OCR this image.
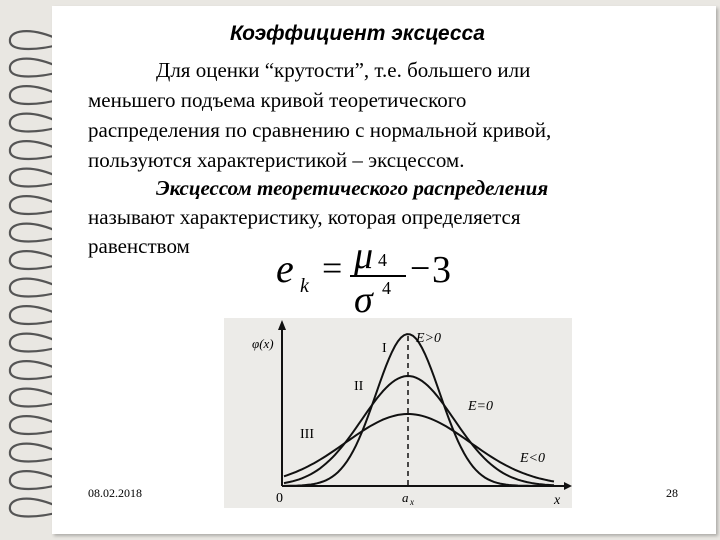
Коэффициент эксцесса
Для оценки “крутости”, т.е. большего или
меньшего подъема кривой теоретического
распределения по сравнению с нормальной кривой,
пользуются характеристикой – эксцессом.
Эксцессом теоретического распределения
называют характеристику, которая определяется
равенством e k = μ 4
σ 4 − 3
φ(x)
x
0	a x
I
II
III
E>0
E=0
E<0
08.02.2018	28
